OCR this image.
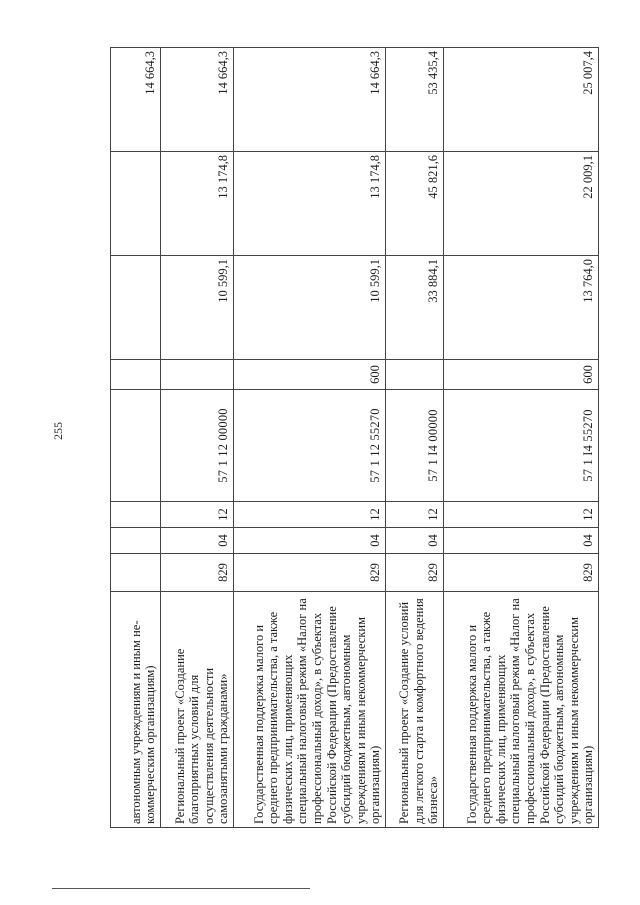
255
автономным учреждениям и иным не-коммерческим организациям)								14 664,3
Региональный проект «Создание благоприятных условий для осуществления деятельности самозанятыми гражданами»	829	04	12	57 1 12 00000		10 599,1	13 174,8	14 664,3
Государственная поддержка малого и среднего предпринимательства, а также физических лиц, применяющих специальный налоговый режим «Налог на профессиональный доход», в субъектах Российской Федерации (Предоставление субсидий бюджетным, автономным учреждениям и иным некоммерческим организациям)	829	04	12	57 1 12 55270	600	10 599,1	13 174,8	14 664,3
Региональный проект «Создание условий для легкого старта и комфортного ведения бизнеса»	829	04	12	57 1 I4 00000		33 884,1	45 821,6	53 435,4
Государственная поддержка малого и среднего предпринимательства, а также физических лиц, применяющих специальный налоговый режим «Налог на профессиональный доход», в субъектах Российской Федерации (Предоставление субсидий бюджетным, автономным учреждениям и иным некоммерческим организациям)	829	04	12	57 1 I4 55270	600	13 764,0	22 009,1	25 007,4
